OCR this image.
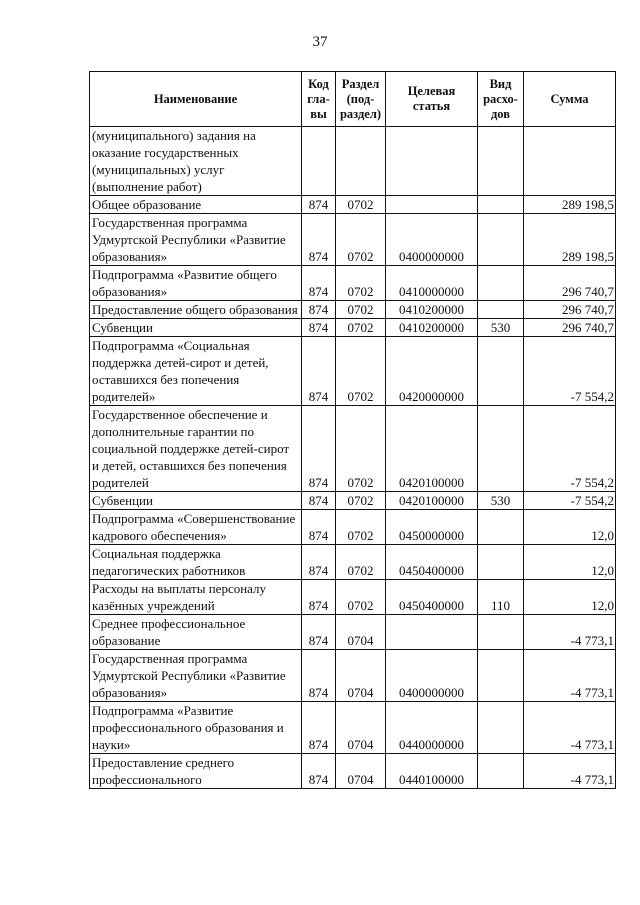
37
Наименование	Код гла- вы	Раздел (под- раздел)	Целевая статья	Вид расхо- дов	Сумма
(муниципального) задания на оказание государственных (муниципальных) услуг (выполнение работ)					
Общее образование	874	0702			289 198,5
Государственная программа Удмуртской Республики «Развитие образования»	874	0702	0400000000		289 198,5
Подпрограмма «Развитие общего образования»	874	0702	0410000000		296 740,7
Предоставление общего образования	874	0702	0410200000		296 740,7
Субвенции	874	0702	0410200000	530	296 740,7
Подпрограмма «Социальная поддержка детей-сирот и детей, оставшихся без попечения родителей»	874	0702	0420000000		-7 554,2
Государственное обеспечение и дополнительные гарантии по социальной поддержке детей-сирот и детей, оставшихся без попечения родителей	874	0702	0420100000		-7 554,2
Субвенции	874	0702	0420100000	530	-7 554,2
Подпрограмма «Совершенствование кадрового обеспечения»	874	0702	0450000000		12,0
Социальная поддержка педагогических работников	874	0702	0450400000		12,0
Расходы на выплаты персоналу казённых учреждений	874	0702	0450400000	110	12,0
Среднее профессиональное образование	874	0704			-4 773,1
Государственная программа Удмуртской Республики «Развитие образования»	874	0704	0400000000		-4 773,1
Подпрограмма «Развитие профессионального образования и науки»	874	0704	0440000000		-4 773,1
Предоставление среднего профессионального	874	0704	0440100000		-4 773,1
